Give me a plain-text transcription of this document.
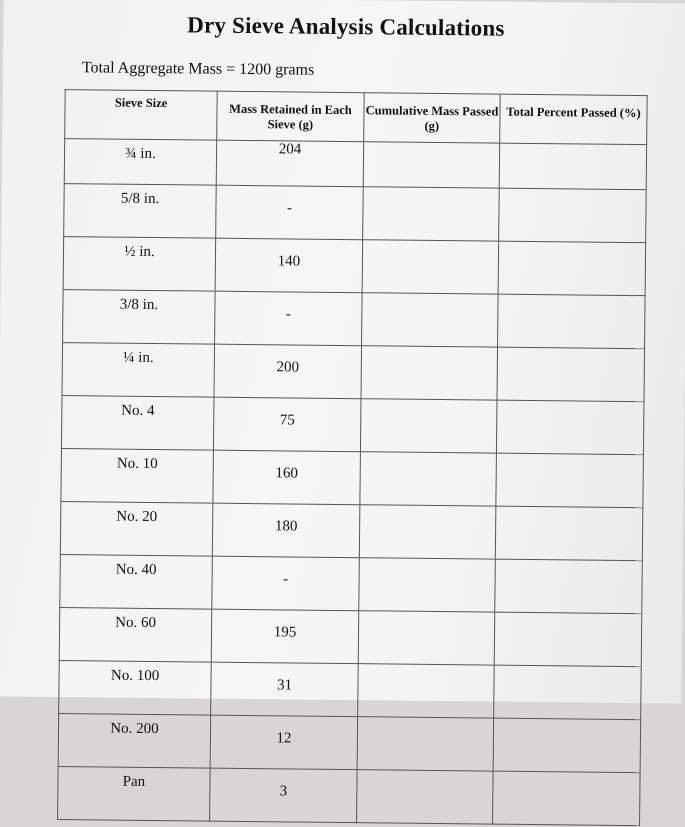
Dry Sieve Analysis Calculations
Total Aggregate Mass = 1200 grams
Sieve Size	Mass Retained in Each Sieve (g)	Cumulative Mass Passed (g)	Total Percent Passed (%)
¾ in.	204		
5/8 in.	-		
½ in.	140		
3/8 in.	-		
¼ in.	200		
No. 4	75		
No. 10	160		
No. 20	180		
No. 40	-		
No. 60	195		
No. 100	31		
No. 200	12		
Pan	3		
